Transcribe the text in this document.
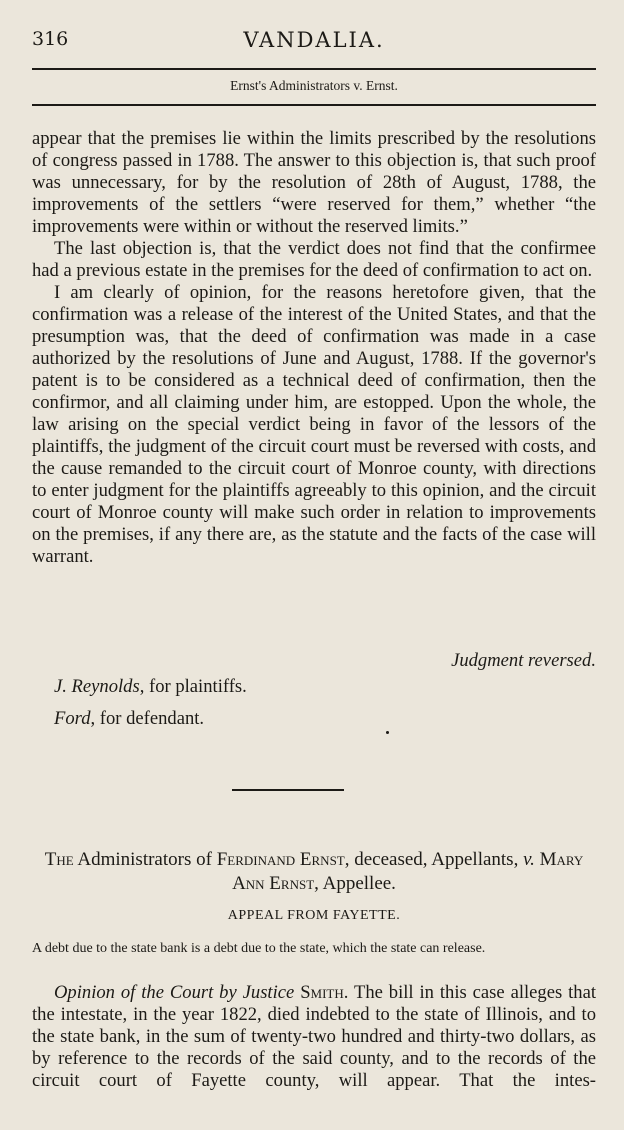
316	VANDALIA.
Ernst's Administrators v. Ernst.

appear that the premises lie within the limits prescribed by the resolutions of congress passed in 1788. The answer to this objection is, that such proof was unnecessary, for by the resolution of 28th of August, 1788, the improvements of the settlers “were reserved for them,” whether “the improvements were within or without the reserved limits.”

The last objection is, that the verdict does not find that the confirmee had a previous estate in the premises for the deed of confirmation to act on.

I am clearly of opinion, for the reasons heretofore given, that the confirmation was a release of the interest of the United States, and that the presumption was, that the deed of confirmation was made in a case authorized by the resolutions of June and August, 1788. If the governor's patent is to be considered as a technical deed of confirmation, then the confirmor, and all claiming under him, are estopped. Upon the whole, the law arising on the special verdict being in favor of the lessors of the plaintiffs, the judgment of the circuit court must be reversed with costs, and the cause remanded to the circuit court of Monroe county, with directions to enter judgment for the plaintiffs agreeably to this opinion, and the circuit court of Monroe county will make such order in relation to improvements on the premises, if any there are, as the statute and the facts of the case will warrant.

Judgment reversed.
J. Reynolds, for plaintiffs.
Ford, for defendant.
The Administrators of Ferdinand Ernst, deceased, Appellants, v. Mary Ann Ernst, Appellee.
APPEAL FROM FAYETTE.
A debt due to the state bank is a debt due to the state, which the state can release.
Opinion of the Court by Justice Smith. The bill in this case alleges that the intestate, in the year 1822, died indebted to the state of Illinois, and to the state bank, in the sum of twenty-two hundred and thirty-two dollars, as by reference to the records of the said county, and to the records of the circuit court of Fayette county, will appear. That the intes-
